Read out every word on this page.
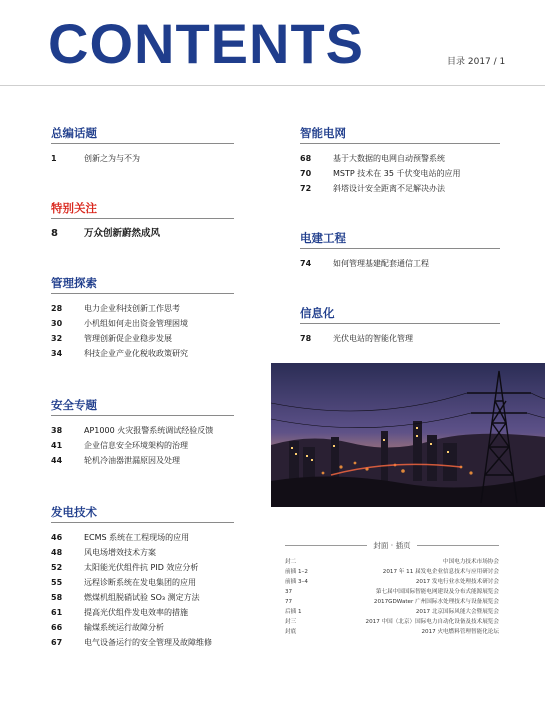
CONTENTS	目录 2017 / 1
总编话题
1	创新之为与不为
特别关注
8	万众创新蔚然成风
管理探索
28	电力企业科技创新工作思考
30	小机组如何走出资金管理困境
32	管理创新促企业稳步发展
34	科技企业产业化税收政策研究
安全专题
38	AP1000 火灾报警系统调试经验反馈
41	企业信息安全环境架构的治理
44	轮机冷油器泄漏原因及处理
发电技术
46	ECMS 系统在工程现场的应用
48	风电场增效技术方案
52	太阳能光伏组件抗 PID 效应分析
55	远程诊断系统在发电集团的应用
58	燃煤机组脱硝试验 SO₃ 测定方法
61	提高光伏组件发电效率的措施
66	输煤系统运行故障分析
67	电气设备运行的安全管理及故障维修
智能电网
68	基于大数据的电网自动预警系统
70	MSTP 技术在 35 千伏变电站的应用
72	斜塔设计安全距离不足解决办法
电建工程
74	如何管理基建配套通信工程
信息化
78	光伏电站的智能化管理
封面 · 插页
封二	中国电力技术市场协会
前插 1–2	2017 年 11 届发电企业信息技术与应用研讨会
前插 3–4	2017 发电行业水处理技术研讨会
37	第七届中国国际智能电网建设及分布式能源展览会
77	2017GDWater 广州国际水处理技术与设备展览会
后插 1	2017 北京国际风能大会暨展览会
封三	2017 中国（北京）国际电力自动化设备及技术展览会
封底	2017 火电燃料管理智能化论坛
